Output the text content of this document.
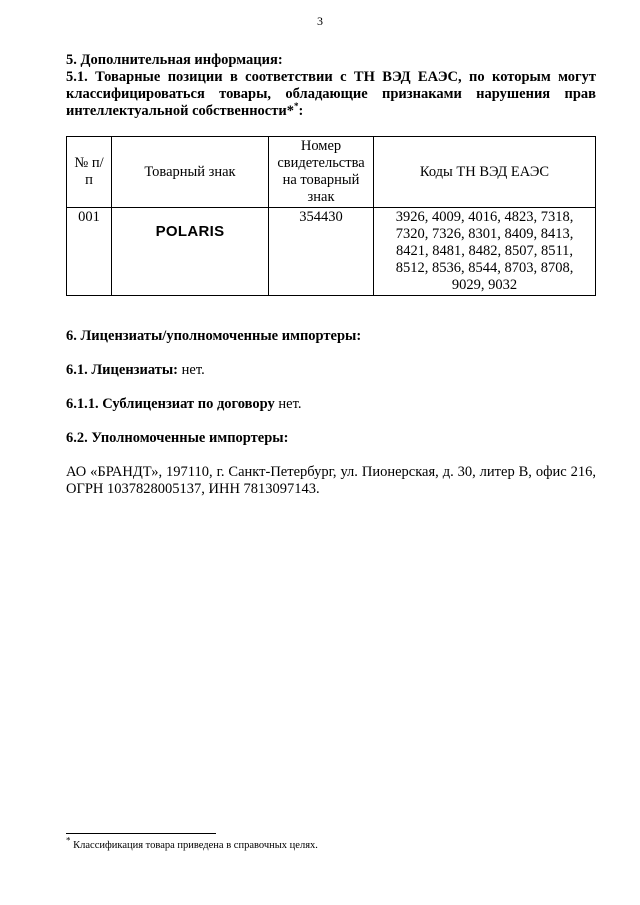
3
5. Дополнительная информация:
5.1. Товарные позиции в соответствии с ТН ВЭД ЕАЭС, по которым могут классифицироваться товары, обладающие признаками нарушения прав интеллектуальной собственности**:
№ п/п	Товарный знак	Номер свидетельства на товарный знак	Коды ТН ВЭД ЕАЭС
001	POLARIS	354430	3926, 4009, 4016, 4823, 7318, 7320, 7326, 8301, 8409, 8413, 8421, 8481, 8482, 8507, 8511, 8512, 8536, 8544, 8703, 8708, 9029, 9032
6. Лицензиаты/уполномоченные импортеры:
6.1. Лицензиаты: нет.
6.1.1. Сублицензиат по договору нет.
6.2. Уполномоченные импортеры:
АО «БРАНДТ», 197110, г. Санкт-Петербург, ул. Пионерская, д. 30, литер В, офис 216, ОГРН 1037828005137, ИНН 7813097143.
* Классификация товара приведена в справочных целях.
